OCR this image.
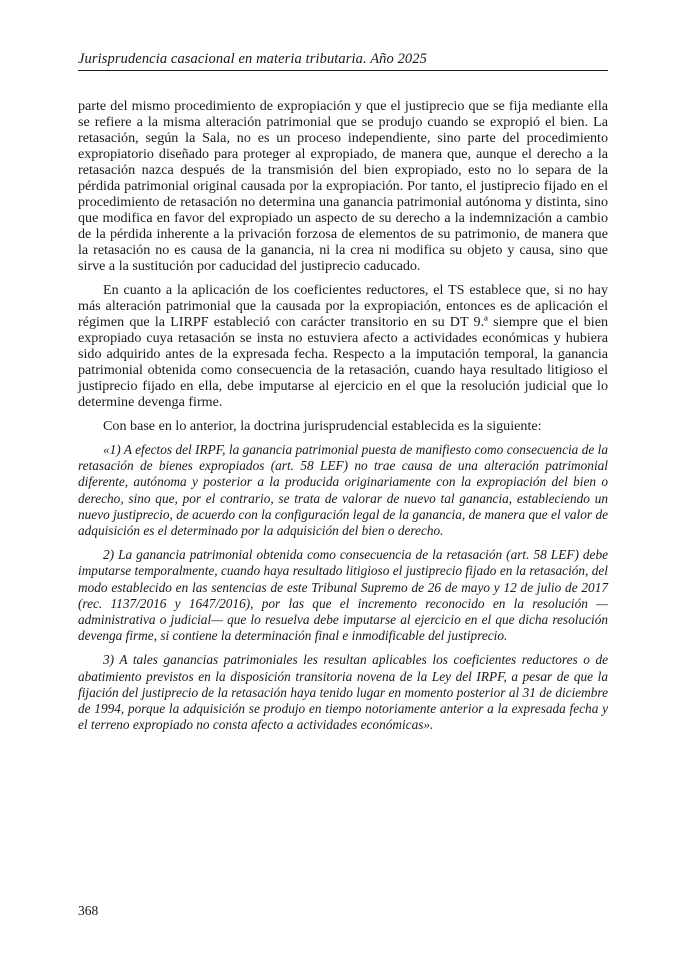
Jurisprudencia casacional en materia tributaria. Año 2025

parte del mismo procedimiento de expropiación y que el justiprecio que se fija mediante ella se refiere a la misma alteración patrimonial que se produjo cuando se expropió el bien. La retasación, según la Sala, no es un proceso independiente, sino parte del procedimiento expropiatorio diseñado para proteger al expropiado, de manera que, aunque el derecho a la retasación nazca después de la transmisión del bien expropiado, esto no lo separa de la pérdida patrimonial original causada por la expropiación. Por tanto, el justiprecio fijado en el procedimiento de retasación no determina una ganancia patrimonial autónoma y distinta, sino que modifica en favor del expropiado un aspecto de su derecho a la indemnización a cambio de la pérdida inherente a la privación forzosa de elementos de su patrimonio, de manera que la retasación no es causa de la ganancia, ni la crea ni modifica su objeto y causa, sino que sirve a la sustitución por caducidad del justiprecio caducado.

En cuanto a la aplicación de los coeficientes reductores, el TS establece que, si no hay más alteración patrimonial que la causada por la expropiación, entonces es de aplicación el régimen que la LIRPF estableció con carácter transitorio en su DT 9.ª siempre que el bien expropiado cuya retasación se insta no estuviera afecto a actividades económicas y hubiera sido adquirido antes de la expresada fecha. Respecto a la imputación temporal, la ganancia patrimonial obtenida como consecuencia de la retasación, cuando haya resultado litigioso el justiprecio fijado en ella, debe imputarse al ejercicio en el que la resolución judicial que lo determine devenga firme.

Con base en lo anterior, la doctrina jurisprudencial establecida es la siguiente:

«1) A efectos del IRPF, la ganancia patrimonial puesta de manifiesto como consecuencia de la retasación de bienes expropiados (art. 58 LEF) no trae causa de una alteración patrimonial diferente, autónoma y posterior a la producida originariamente con la expropiación del bien o derecho, sino que, por el contrario, se trata de valorar de nuevo tal ganancia, estableciendo un nuevo justiprecio, de acuerdo con la configuración legal de la ganancia, de manera que el valor de adquisición es el determinado por la adquisición del bien o derecho.

2) La ganancia patrimonial obtenida como consecuencia de la retasación (art. 58 LEF) debe imputarse temporalmente, cuando haya resultado litigioso el justiprecio fijado en la retasación, del modo establecido en las sentencias de este Tribunal Supremo de 26 de mayo y 12 de julio de 2017 (rec. 1137/2016 y 1647/2016), por las que el incremento reconocido en la resolución —administrativa o judicial— que lo resuelva debe imputarse al ejercicio en el que dicha resolución devenga firme, si contiene la determinación final e inmodificable del justiprecio.

3) A tales ganancias patrimoniales les resultan aplicables los coeficientes reductores o de abatimiento previstos en la disposición transitoria novena de la Ley del IRPF, a pesar de que la fijación del justiprecio de la retasación haya tenido lugar en momento posterior al 31 de diciembre de 1994, porque la adquisición se produjo en tiempo notoriamente anterior a la expresada fecha y el terreno expropiado no consta afecto a actividades económicas».

368
